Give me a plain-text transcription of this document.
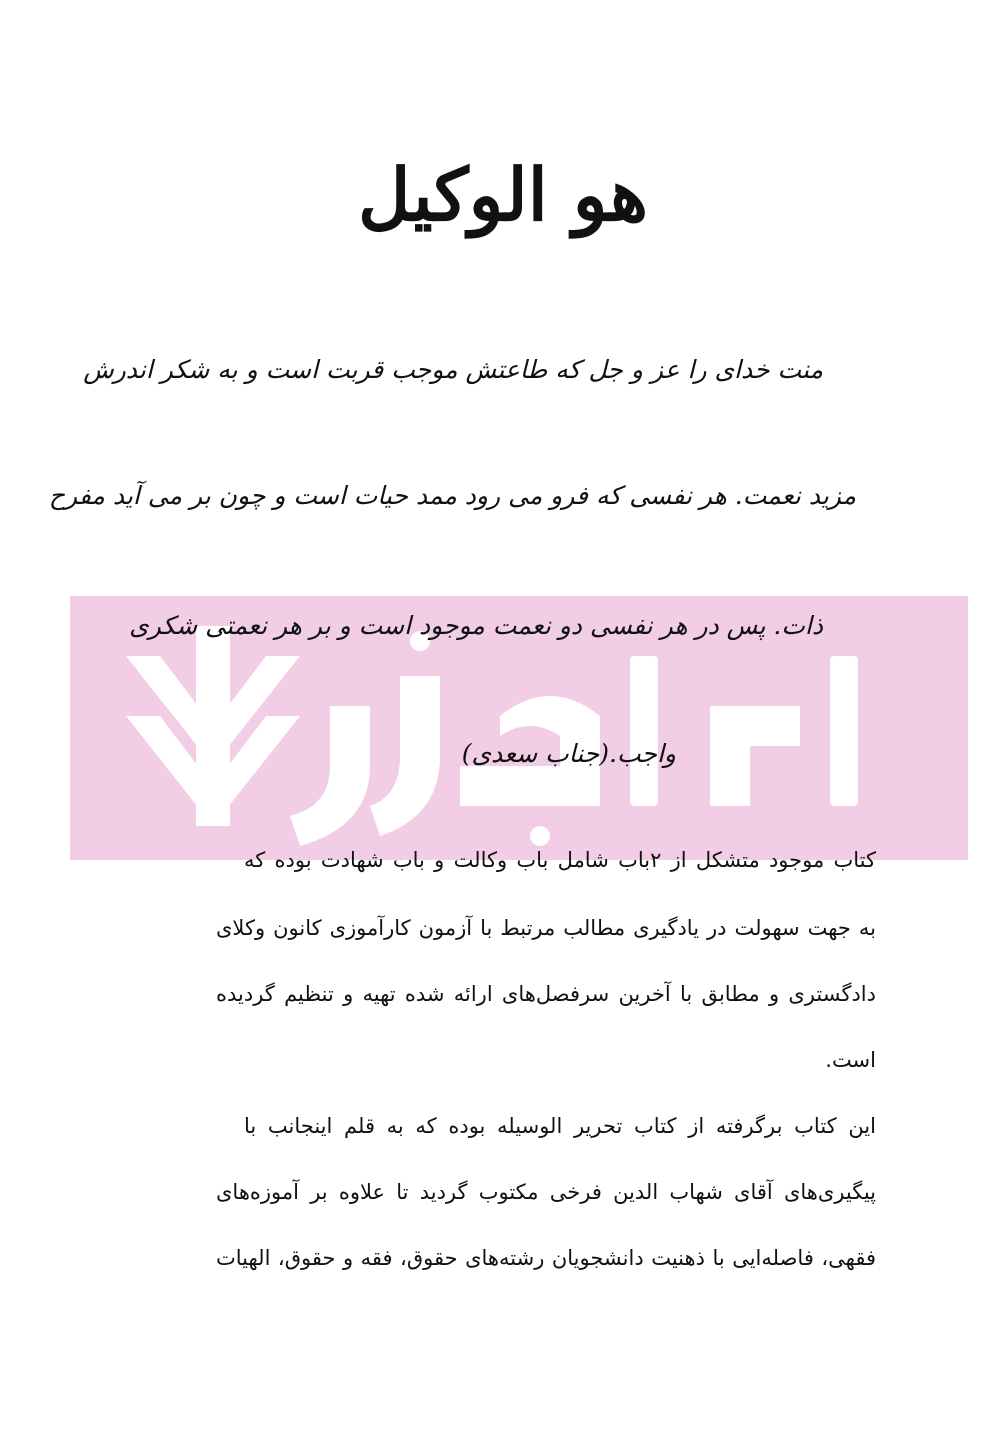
هو الوکیل
منت خدای را عز و جل که طاعتش موجب قربت است و به شکر اندرش
مزید نعمت. هر نفسی که فرو می رود ممد حیات است و چون بر می آید مفرح
ذات. پس در هر نفسی دو نعمت موجود است و بر هر نعمتی شکری
واجب.(جناب سعدی)
کتاب موجود متشکل از ۲باب شامل باب وکالت و باب شهادت بوده که
به جهت سهولت در یادگیری مطالب مرتبط با آزمون کارآموزی کانون وکلای
دادگستری و مطابق با آخرین سرفصل‌های ارائه شده تهیه و تنظیم گردیده
است.
این کتاب برگرفته از کتاب تحریر الوسیله بوده که به قلم اینجانب با
پیگیری‌های آقای شهاب الدین فرخی مکتوب گردید تا علاوه بر آموزه‌های
فقهی، فاصله‌ایی با ذهنیت دانشجویان رشته‌های حقوق، فقه و حقوق، الهیات
